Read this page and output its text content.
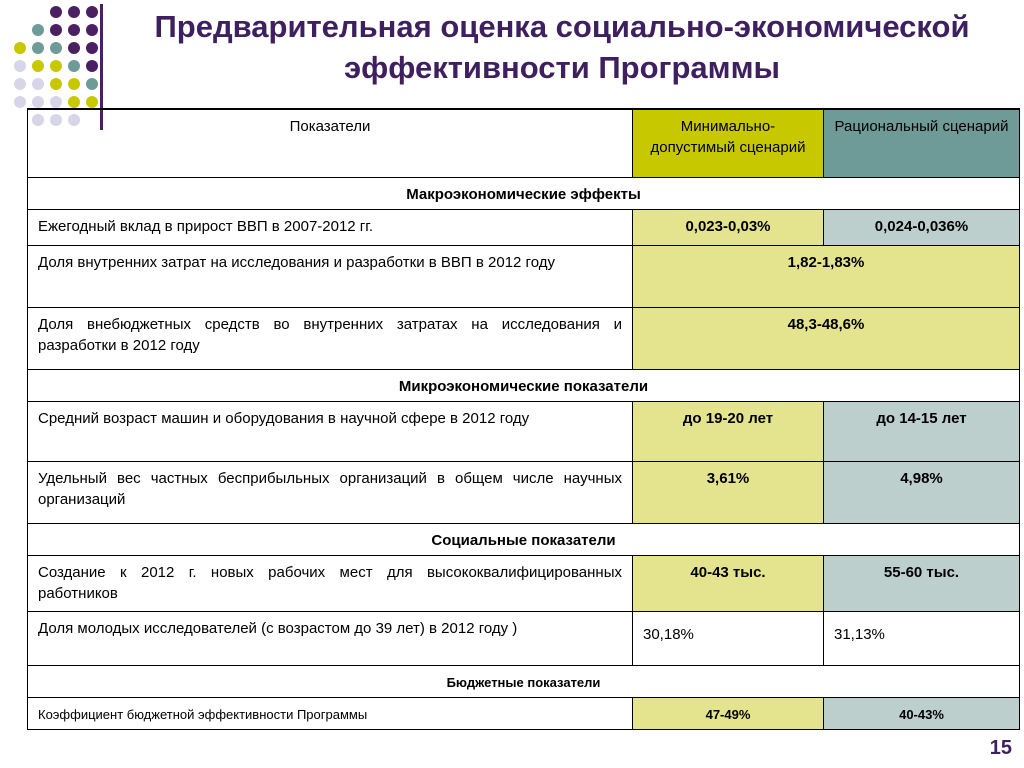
Предварительная оценка социально-экономической
эффективности Программы
Показатели	Минимально-допустимый сценарий	Рациональный сценарий
Макроэкономические эффекты		
Ежегодный вклад в прирост ВВП в 2007-2012 гг.	0,023-0,03%	0,024-0,036%
Доля внутренних затрат на исследования и разработки в ВВП в 2012 году	1,82-1,83%	
Доля внебюджетных средств во внутренних затратах на исследования и разработки в 2012 году	48,3-48,6%	
Микроэкономические показатели		
Средний возраст машин и оборудования в научной сфере в 2012 году	до 19-20 лет	до 14-15 лет
Удельный вес частных бесприбыльных организаций в общем числе научных организаций	3,61%	4,98%
Социальные показатели		
Создание к 2012 г. новых рабочих мест для высококвалифицированных работников	40-43 тыс.	55-60 тыс.
Доля молодых исследователей (с возрастом до 39 лет) в 2012 году )	30,18%	31,13%
Бюджетные показатели		
Коэффициент бюджетной эффективности Программы	47-49%	40-43%
15
